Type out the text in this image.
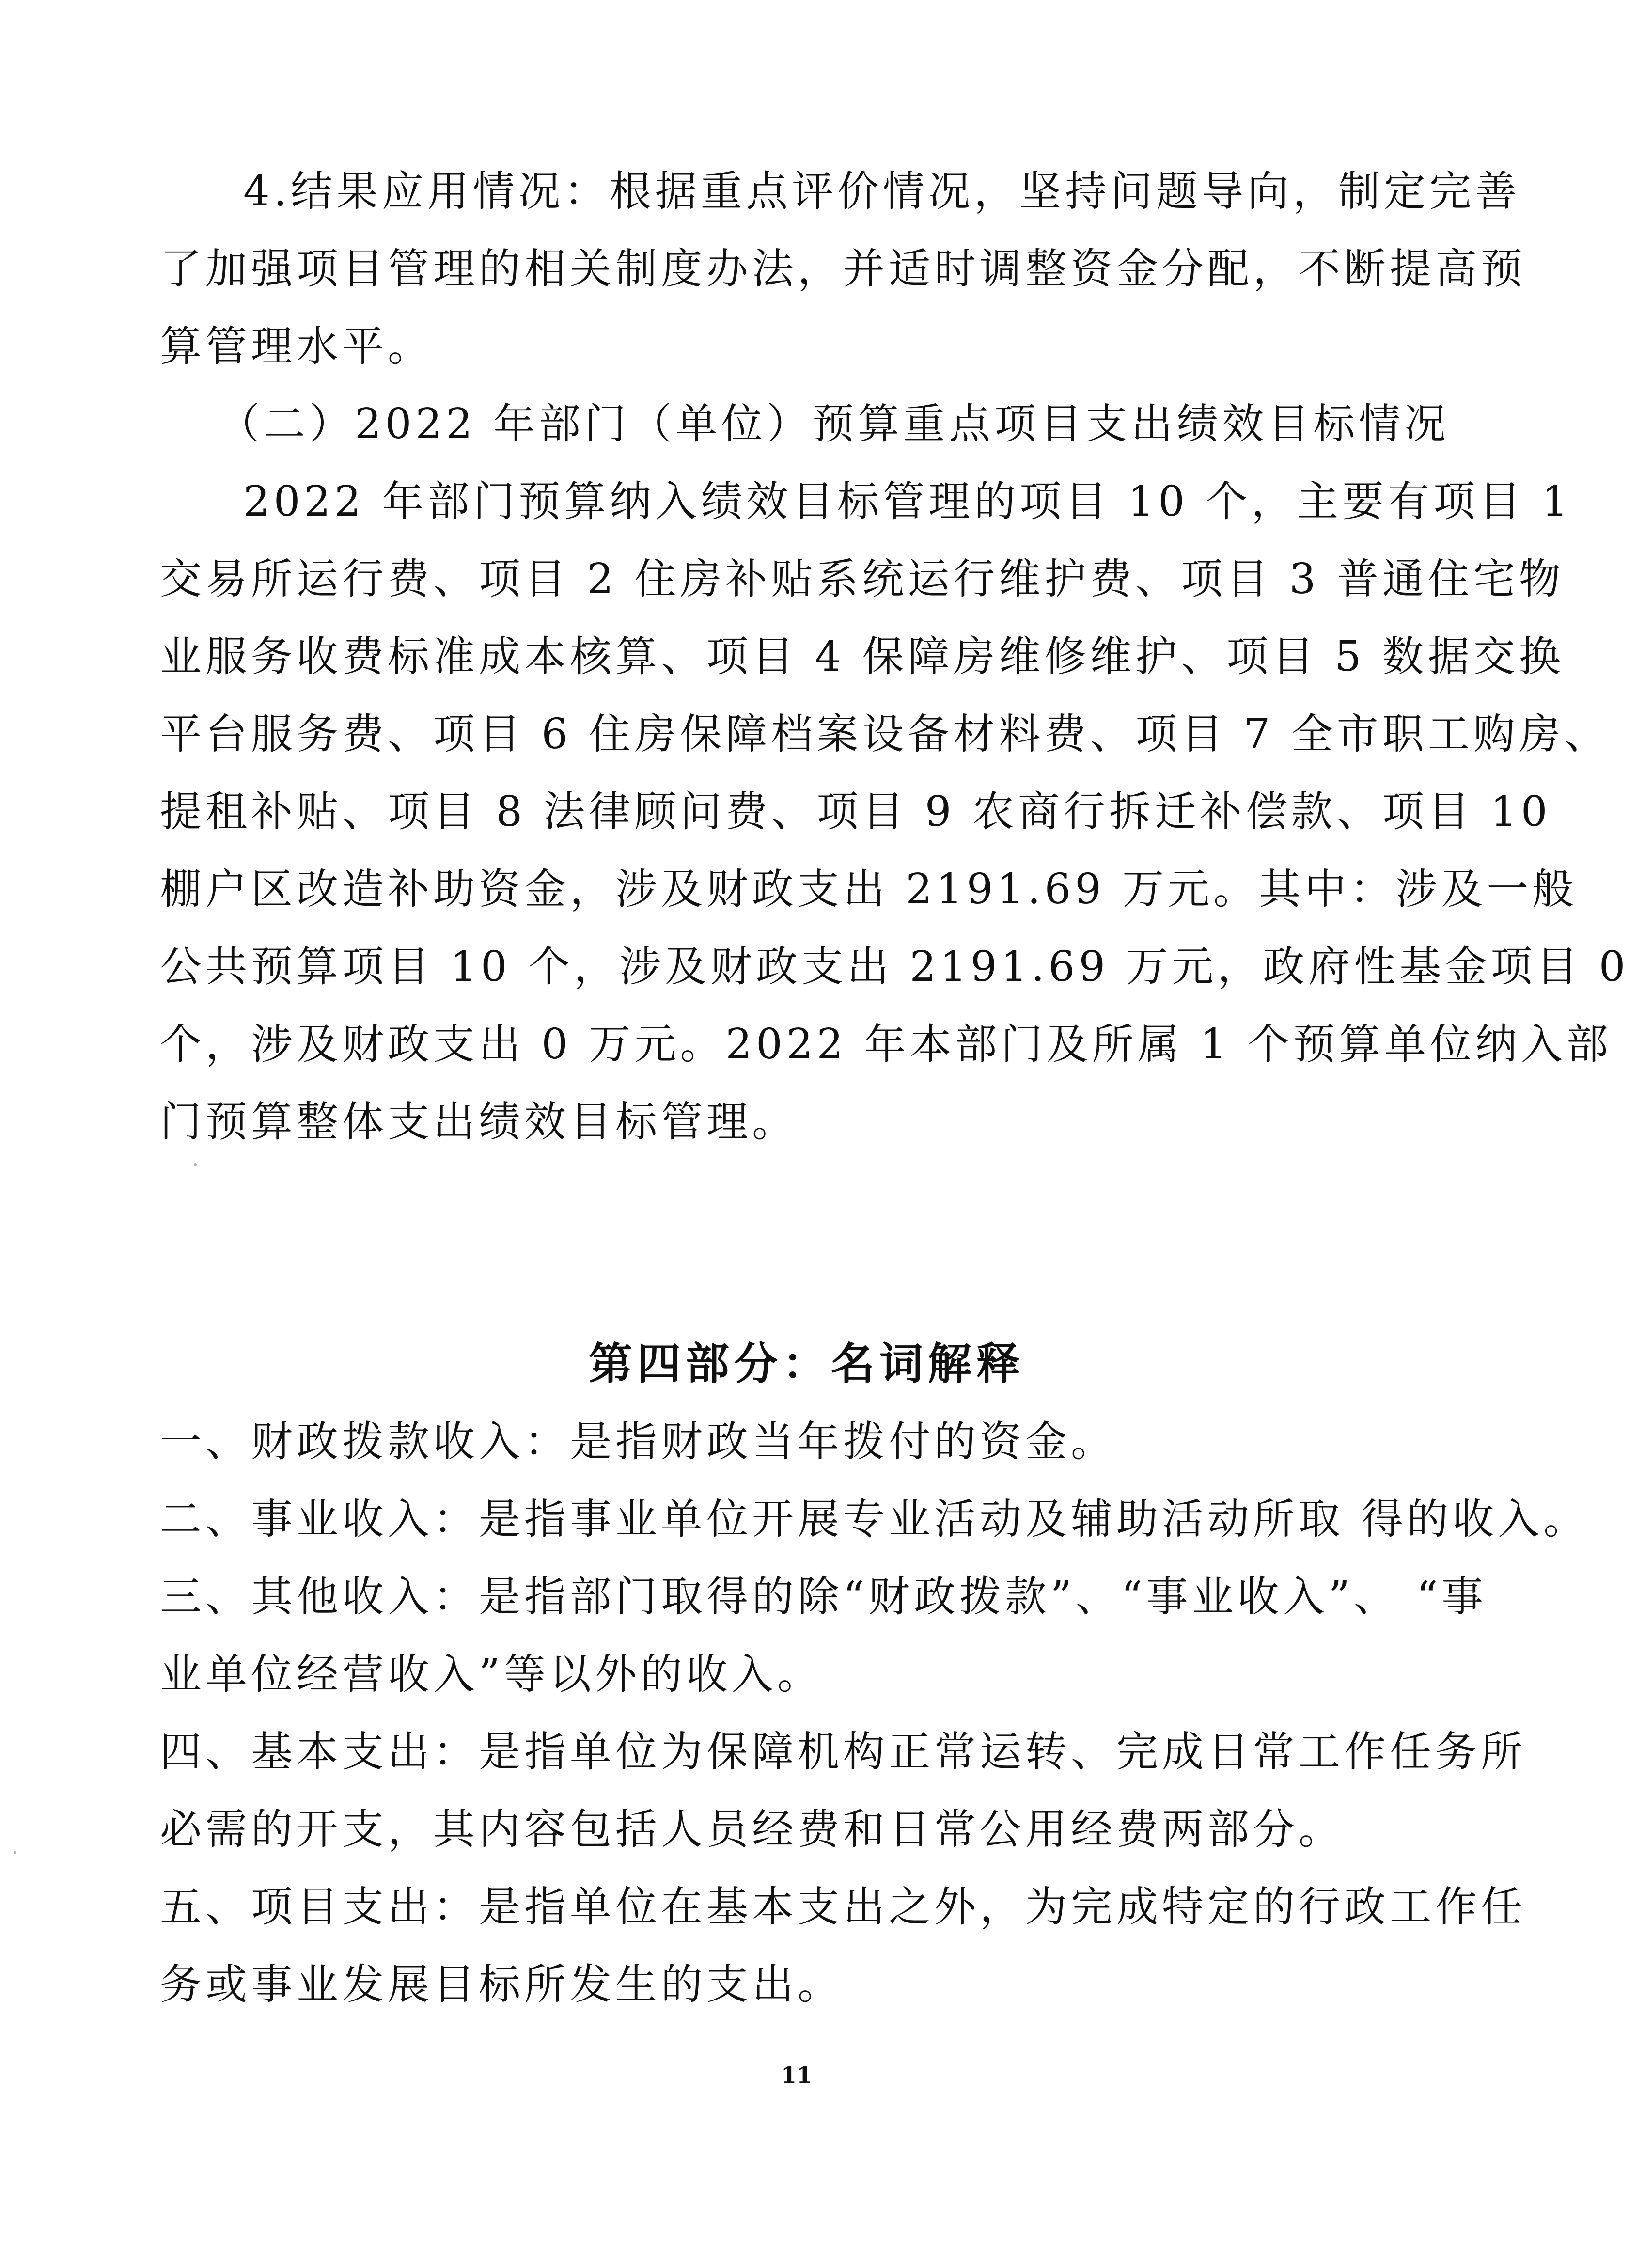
4.结果应用情况：根据重点评价情况，坚持问题导向，制定完善
了加强项目管理的相关制度办法，并适时调整资金分配，不断提高预
算管理水平。
（二）2022 年部门（单位）预算重点项目支出绩效目标情况
2022 年部门预算纳入绩效目标管理的项目 10 个，主要有项目 1
交易所运行费、项目 2 住房补贴系统运行维护费、项目 3 普通住宅物
业服务收费标准成本核算、项目 4 保障房维修维护、项目 5 数据交换
平台服务费、项目 6 住房保障档案设备材料费、项目 7 全市职工购房、
提租补贴、项目 8 法律顾问费、项目 9 农商行拆迁补偿款、项目 10
棚户区改造补助资金，涉及财政支出 2191.69 万元。其中：涉及一般
公共预算项目 10 个，涉及财政支出 2191.69 万元，政府性基金项目 0
个，涉及财政支出 0 万元。2022 年本部门及所属 1 个预算单位纳入部
门预算整体支出绩效目标管理。
第四部分：名词解释
一、财政拨款收入：是指财政当年拨付的资金。
二、事业收入：是指事业单位开展专业活动及辅助活动所取 得的收入。
三、其他收入：是指部门取得的除“财政拨款”、“事业收入”、 “事
业单位经营收入”等以外的收入。
四、基本支出：是指单位为保障机构正常运转、完成日常工作任务所
必需的开支，其内容包括人员经费和日常公用经费两部分。
五、项目支出：是指单位在基本支出之外，为完成特定的行政工作任
务或事业发展目标所发生的支出。
11
